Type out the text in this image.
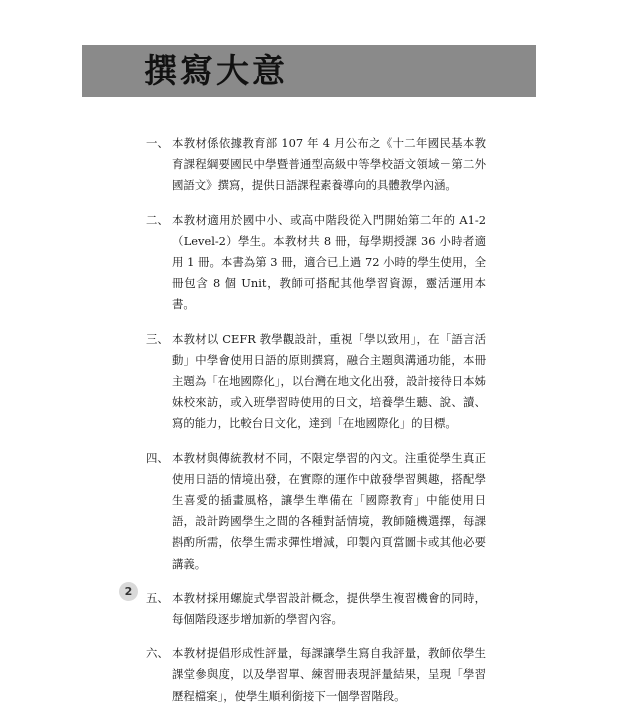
撰寫大意
一、 本教材係依據教育部 107 年 4 月公布之《十二年國民基本教育課程綱要國民中學暨普通型高級中等學校語文領域－第二外國語文》撰寫，提供日語課程素養導向的具體教學內涵。
二、 本教材適用於國中小、或高中階段從入門開始第二年的 A1-2（Level-2）學生。本教材共 8 冊，每學期授課 36 小時者適用 1 冊。本書為第 3 冊，適合已上過 72 小時的學生使用，全冊包含 8 個 Unit，教師可搭配其他學習資源，靈活運用本書。
三、 本教材以 CEFR 教學觀設計，重視「學以致用」，在「語言活動」中學會使用日語的原則撰寫，融合主題與溝通功能，本冊主題為「在地國際化」，以台灣在地文化出發，設計接待日本姊妹校來訪，或入班學習時使用的日文，培養學生聽、說、讀、寫的能力，比較台日文化，達到「在地國際化」的目標。
四、 本教材與傳統教材不同，不限定學習的內文。注重從學生真正使用日語的情境出發，在實際的運作中啟發學習興趣，搭配學生喜愛的插畫風格，讓學生準備在「國際教育」中能使用日語，設計跨國學生之間的各種對話情境，教師隨機選擇，每課斟酌所需，依學生需求彈性增減，印製內頁當圖卡或其他必要講義。
五、 本教材採用螺旋式學習設計概念，提供學生複習機會的同時，每個階段逐步增加新的學習內容。
六、 本教材提倡形成性評量，每課讓學生寫自我評量，教師依學生課堂參與度，以及學習單、練習冊表現評量結果，呈現「學習歷程檔案」，使學生順利銜接下一個學習階段。
2
